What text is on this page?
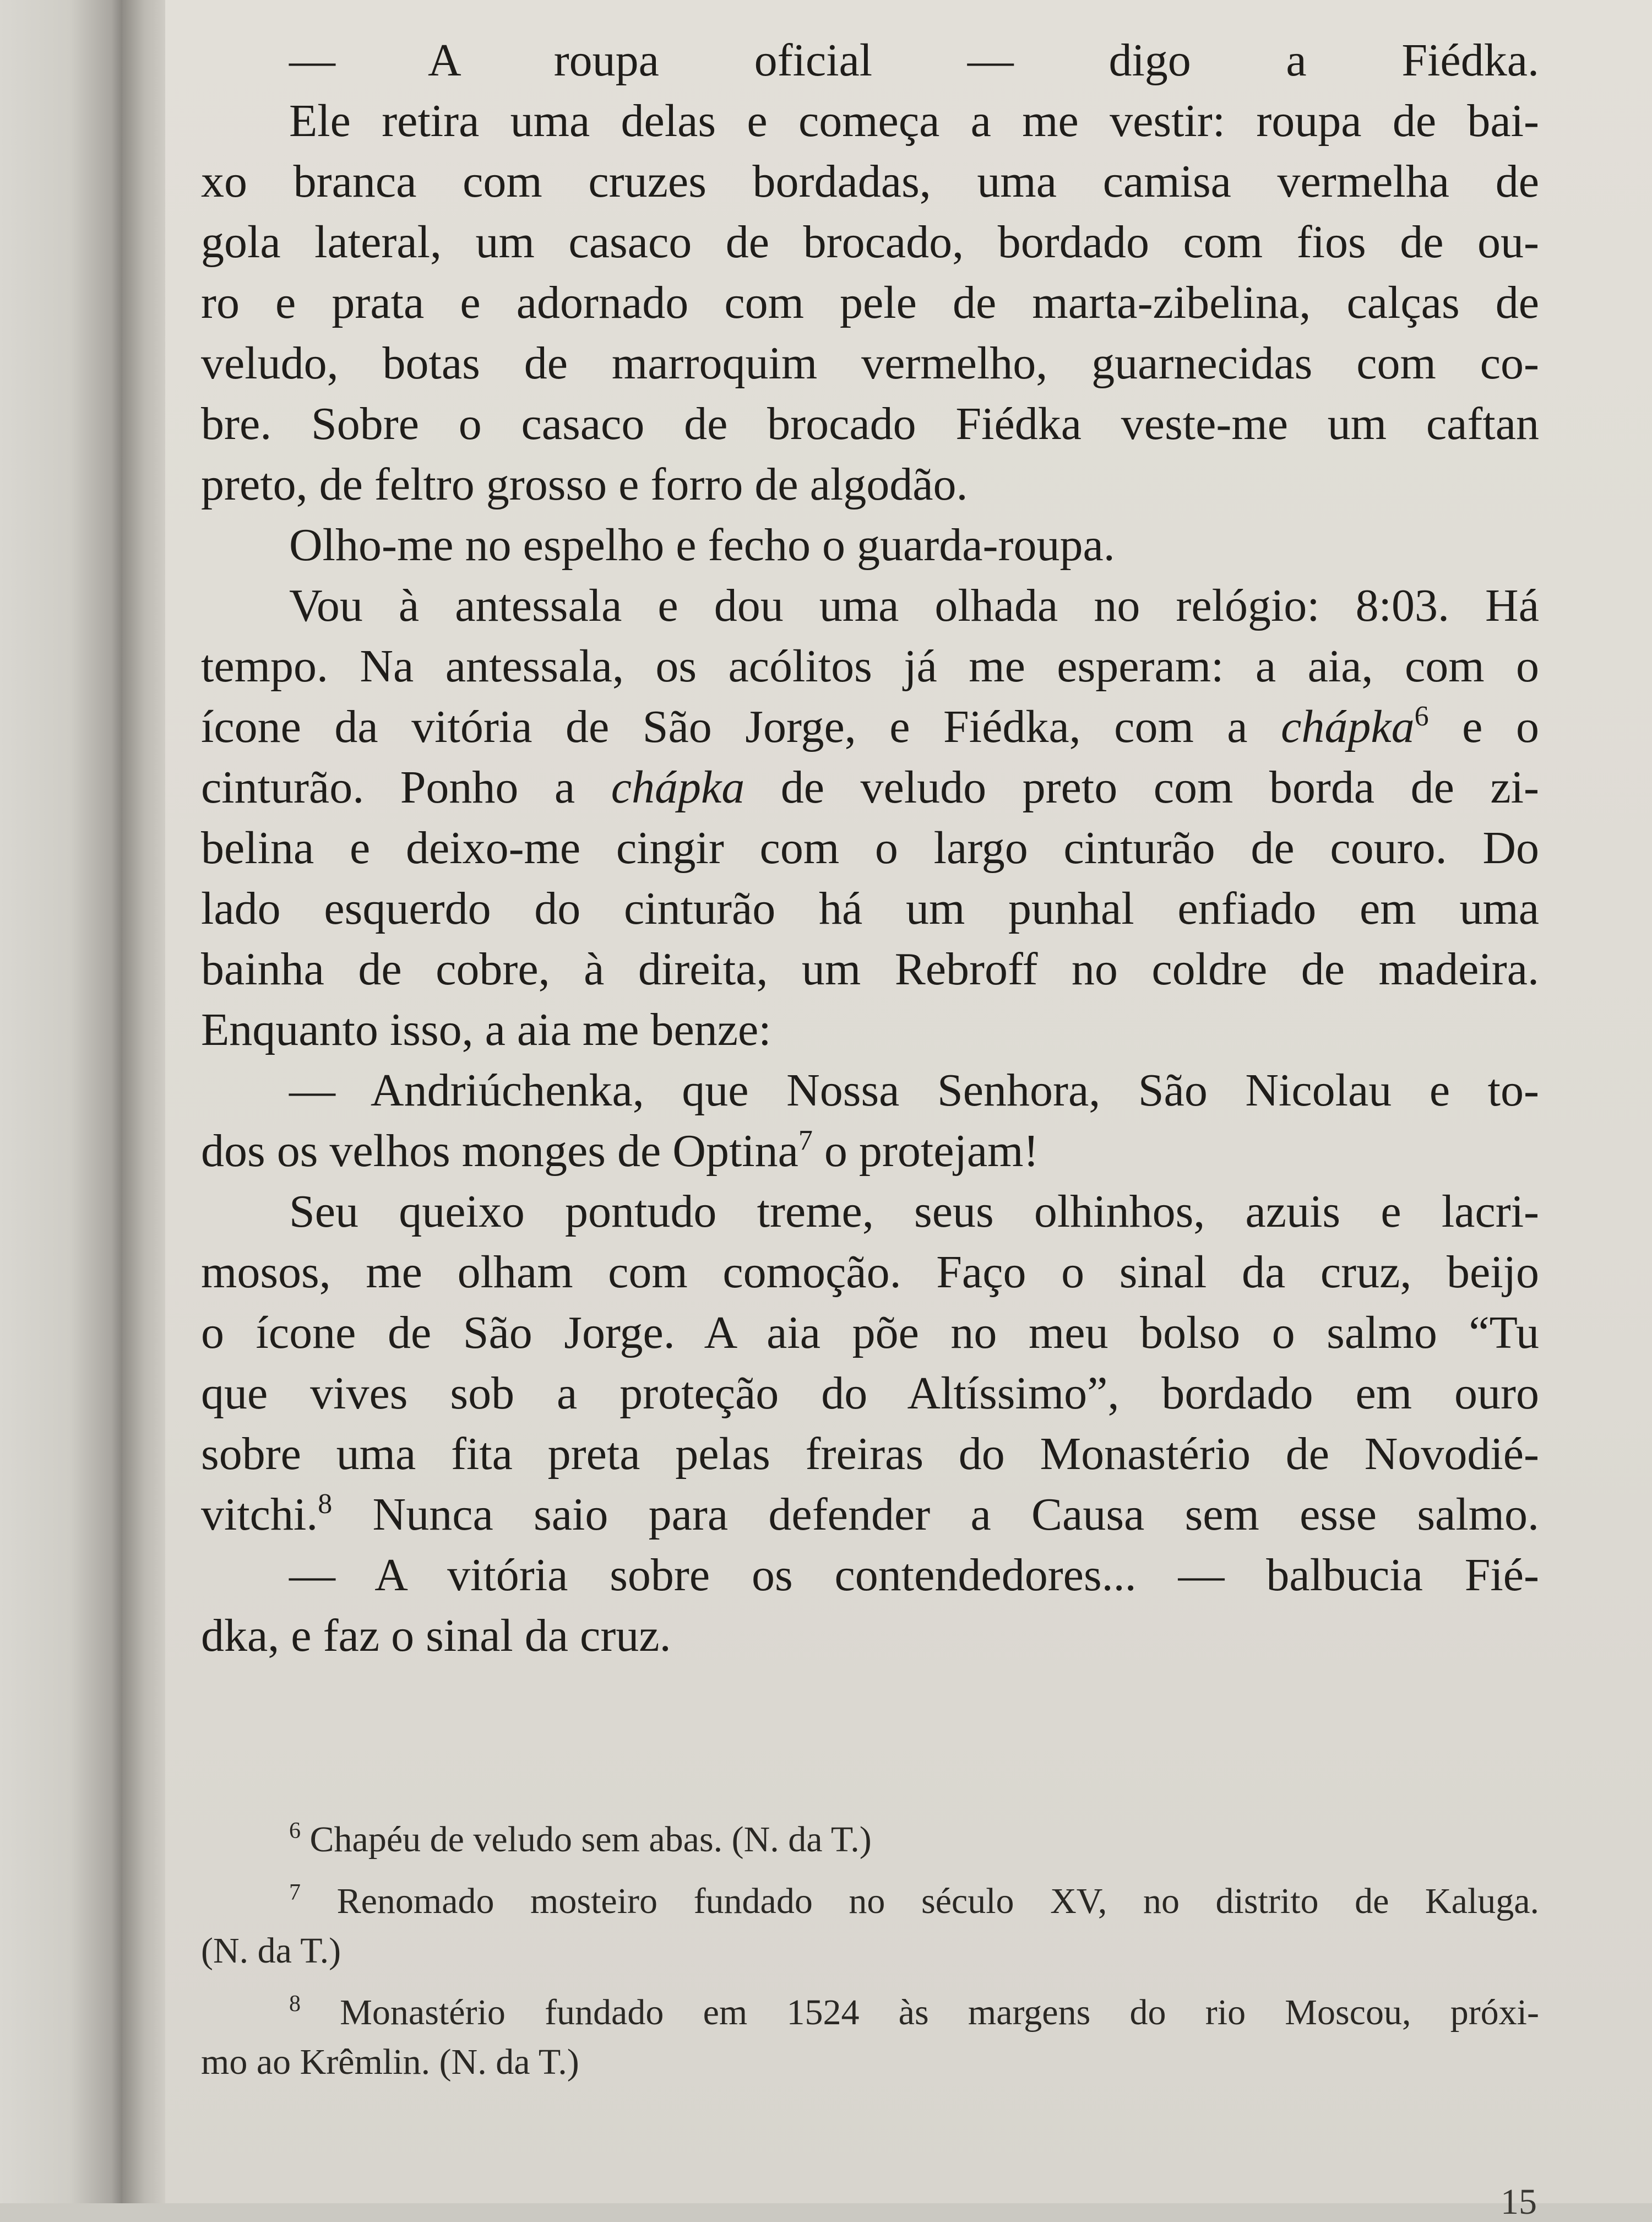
— A roupa oficial — digo a Fiédka.
Ele retira uma delas e começa a me vestir: roupa de bai-
xo branca com cruzes bordadas, uma camisa vermelha de
gola lateral, um casaco de brocado, bordado com fios de ou-
ro e prata e adornado com pele de marta-zibelina, calças de
veludo, botas de marroquim vermelho, guarnecidas com co-
bre. Sobre o casaco de brocado Fiédka veste-me um caftan
preto, de feltro grosso e forro de algodão.
Olho-me no espelho e fecho o guarda-roupa.
Vou à antessala e dou uma olhada no relógio: 8:03. Há
tempo. Na antessala, os acólitos já me esperam: a aia, com o
ícone da vitória de São Jorge, e Fiédka, com a chápka$^6$ e o
cinturão. Ponho a chápka de veludo preto com borda de zi-
belina e deixo-me cingir com o largo cinturão de couro. Do
lado esquerdo do cinturão há um punhal enfiado em uma
bainha de cobre, à direita, um Rebroff no coldre de madeira.
Enquanto isso, a aia me benze:
— Andriúchenka, que Nossa Senhora, São Nicolau e to-
dos os velhos monges de Optina$^7$ o protejam!
Seu queixo pontudo treme, seus olhinhos, azuis e lacri-
mosos, me olham com comoção. Faço o sinal da cruz, beijo
o ícone de São Jorge. A aia põe no meu bolso o salmo “Tu
que vives sob a proteção do Altíssimo”, bordado em ouro
sobre uma fita preta pelas freiras do Monastério de Novodié-
vitchi.$^8$ Nunca saio para defender a Causa sem esse salmo.
— A vitória sobre os contendedores... — balbucia Fié-
dka, e faz o sinal da cruz.
$^6$ Chapéu de veludo sem abas. (N. da T.)
$^7$ Renomado mosteiro fundado no século XV, no distrito de Kaluga.
(N. da T.)
$^8$ Monastério fundado em 1524 às margens do rio Moscou, próxi-
mo ao Krêmlin. (N. da T.)
15
